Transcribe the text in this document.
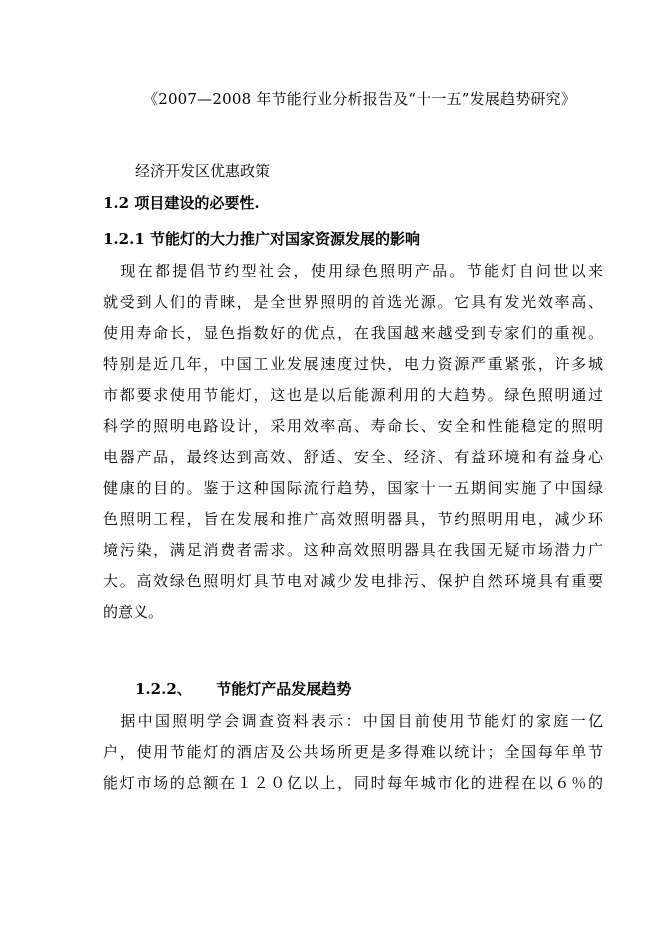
《2007—2008 年节能行业分析报告及“十一五”发展趋势研究》
经济开发区优惠政策
1.2 项目建设的必要性.
1.2.1 节能灯的大力推广对国家资源发展的影响
　现在都提倡节约型社会，使用绿色照明产品。节能灯自问世以来
就受到人们的青睐，是全世界照明的首选光源。它具有发光效率高、
使用寿命长，显色指数好的优点，在我国越来越受到专家们的重视。
特别是近几年，中国工业发展速度过快，电力资源严重紧张，许多城
市都要求使用节能灯，这也是以后能源利用的大趋势。绿色照明通过
科学的照明电路设计，采用效率高、寿命长、安全和性能稳定的照明
电器产品，最终达到高效、舒适、安全、经济、有益环境和有益身心
健康的目的。鉴于这种国际流行趋势，国家十一五期间实施了中国绿
色照明工程，旨在发展和推广高效照明器具，节约照明用电，减少环
境污染，满足消费者需求。这种高效照明器具在我国无疑市场潜力广
大。高效绿色照明灯具节电对减少发电排污、保护自然环境具有重要
的意义。
1.2.2、 节能灯产品发展趋势
　据中国照明学会调查资料表示：中国目前使用节能灯的家庭一亿
户，使用节能灯的酒店及公共场所更是多得难以统计；全国每年单节
能灯市场的总额在１２０亿以上，同时每年城市化的进程在以６％的
